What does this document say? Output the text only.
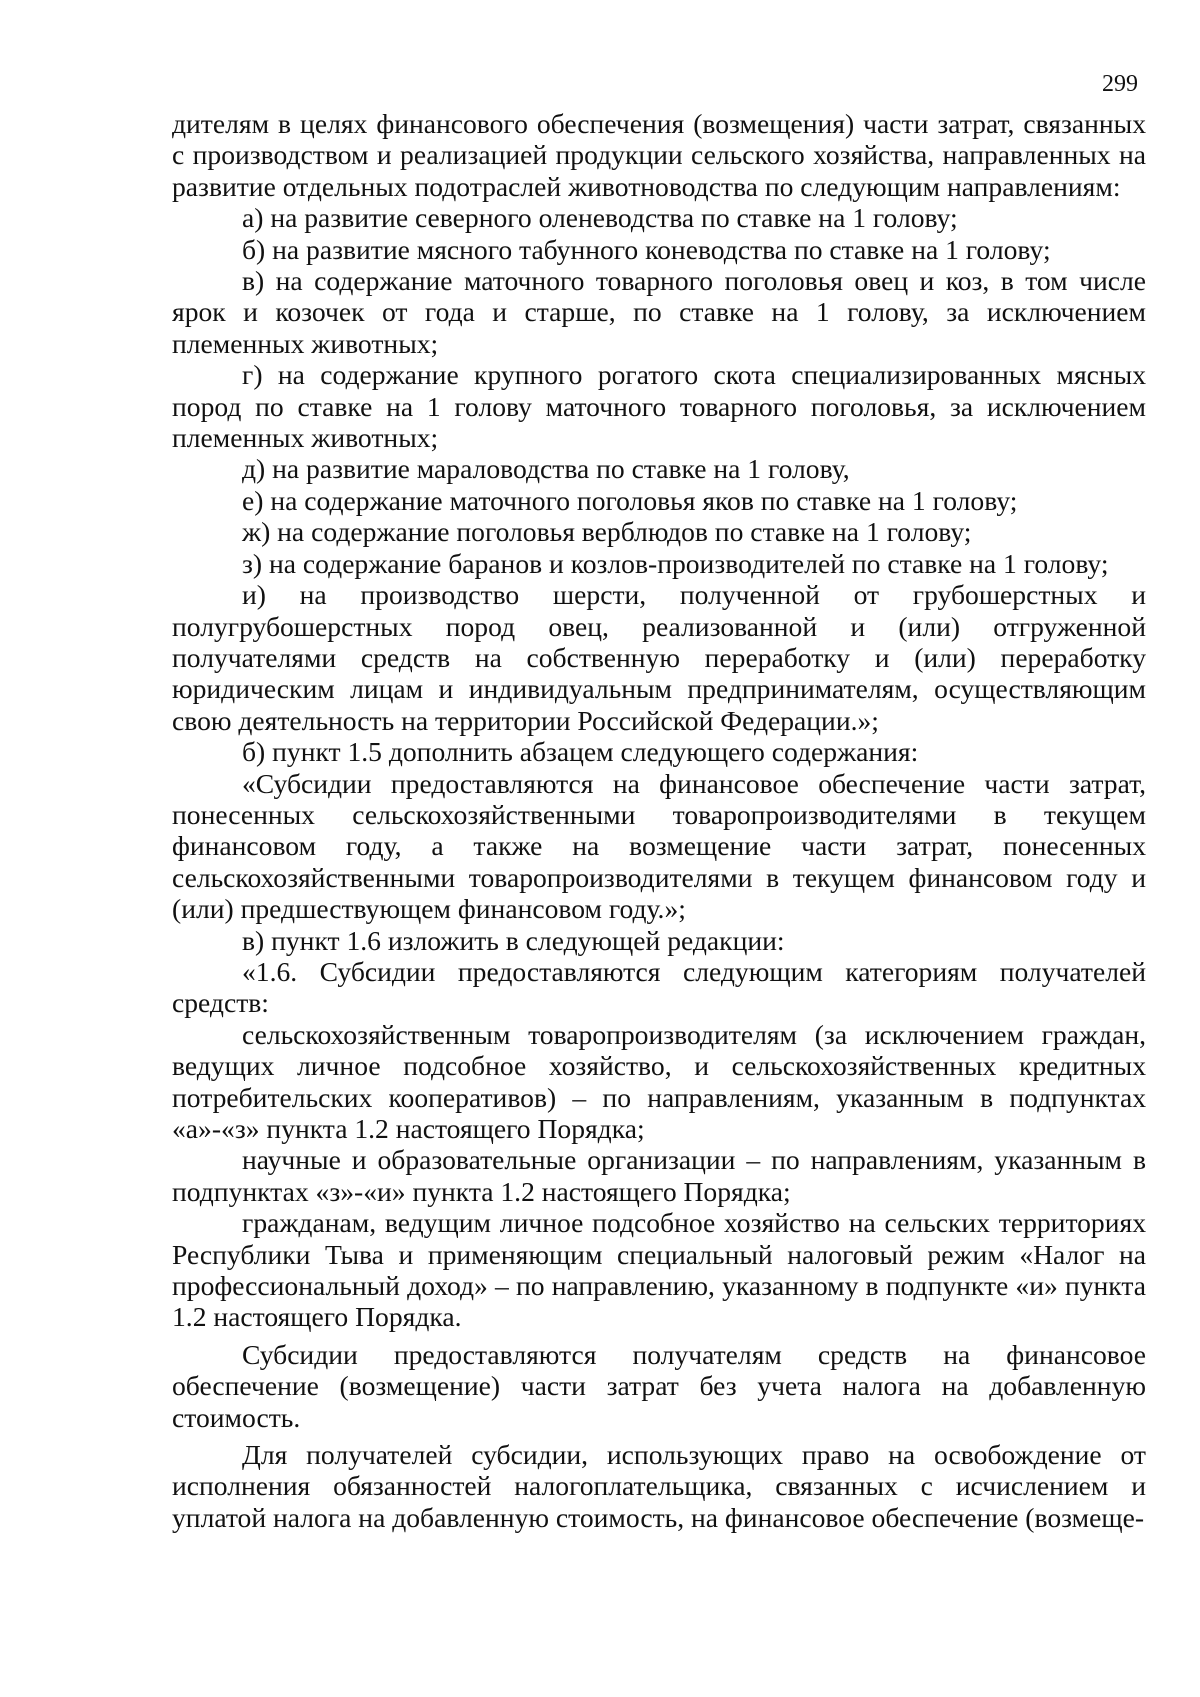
299

дителям в целях финансового обеспечения (возмещения) части затрат, связанных с производством и реализацией продукции сельского хозяйства, направленных на развитие отдельных подотраслей животноводства по следующим направлениям:

а) на развитие северного оленеводства по ставке на 1 голову;

б) на развитие мясного табунного коневодства по ставке на 1 голову;

в) на содержание маточного товарного поголовья овец и коз, в том числе ярок и козочек от года и старше, по ставке на 1 голову, за исключением племенных животных;

г) на содержание крупного рогатого скота специализированных мясных пород по ставке на 1 голову маточного товарного поголовья, за исключением племенных животных;

д) на развитие мараловодства по ставке на 1 голову,

е) на содержание маточного поголовья яков по ставке на 1 голову;

ж) на содержание поголовья верблюдов по ставке на 1 голову;

з) на содержание баранов и козлов-производителей по ставке на 1 голову;

и) на производство шерсти, полученной от грубошерстных и полугрубошерстных пород овец, реализованной и (или) отгруженной получателями средств на собственную переработку и (или) переработку юридическим лицам и индивидуальным предпринимателям, осуществляющим свою деятельность на территории Российской Федерации.»;

б) пункт 1.5 дополнить абзацем следующего содержания:

«Субсидии предоставляются на финансовое обеспечение части затрат, понесенных сельскохозяйственными товаропроизводителями в текущем финансовом году, а также на возмещение части затрат, понесенных сельскохозяйственными товаропроизводителями в текущем финансовом году и (или) предшествующем финансовом году.»;

в) пункт 1.6 изложить в следующей редакции:

«1.6. Субсидии предоставляются следующим категориям получателей средств:

сельскохозяйственным товаропроизводителям (за исключением граждан, ведущих личное подсобное хозяйство, и сельскохозяйственных кредитных потребительских кооперативов) – по направлениям, указанным в подпунктах «а»-«з» пункта 1.2 настоящего Порядка;

научные и образовательные организации – по направлениям, указанным в подпунктах «з»-«и» пункта 1.2 настоящего Порядка;

гражданам, ведущим личное подсобное хозяйство на сельских территориях Республики Тыва и применяющим специальный налоговый режим «Налог на профессиональный доход» – по направлению, указанному в подпункте «и» пункта 1.2 настоящего Порядка.

Субсидии предоставляются получателям средств на финансовое обеспечение (возмещение) части затрат без учета налога на добавленную стоимость.

Для получателей субсидии, использующих право на освобождение от исполнения обязанностей налогоплательщика, связанных с исчислением и уплатой налога на добавленную стоимость, на финансовое обеспечение (возмеще-
